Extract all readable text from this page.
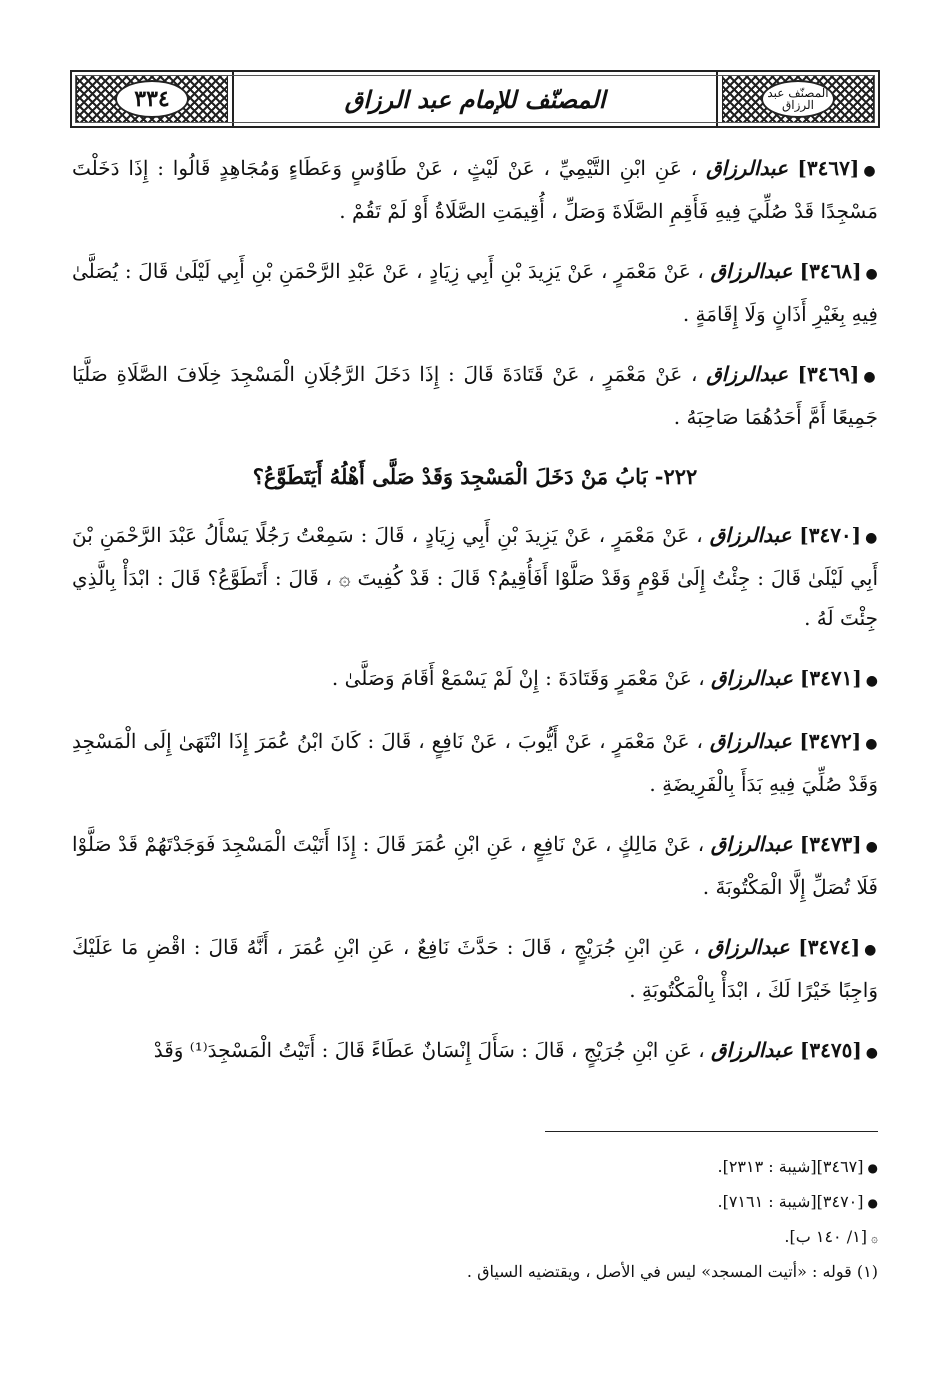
٣٣٤	المصنّف للإمام عبد الرزاق	المصنّف عبد الرزاق

●[٣٤٦٧] عبدالرزاق ، عَنِ ابْنِ التَّيْمِيِّ ، عَنْ لَيْثٍ ، عَنْ طَاوُسٍ وَعَطَاءٍ وَمُجَاهِدٍ قَالُوا : إِذَا دَخَلْتَ مَسْجِدًا قَدْ صُلِّيَ فِيهِ فَأَقِمِ الصَّلَاةَ وَصَلِّ ، أُقِيمَتِ الصَّلَاةُ أَوْ لَمْ تَقُمْ .

●[٣٤٦٨] عبدالرزاق ، عَنْ مَعْمَرٍ ، عَنْ يَزِيدَ بْنِ أَبِي زِيَادٍ ، عَنْ عَبْدِ الرَّحْمَنِ بْنِ أَبِي لَيْلَىٰ قَالَ : يُصَلَّىٰ فِيهِ بِغَيْرِ أَذَانٍ وَلَا إِقَامَةٍ .

●[٣٤٦٩] عبدالرزاق ، عَنْ مَعْمَرٍ ، عَنْ قَتَادَةَ قَالَ : إِذَا دَخَلَ الرَّجُلَانِ الْمَسْجِدَ خِلَافَ الصَّلَاةِ صَلَّيَا جَمِيعًا أَمَّ أَحَدُهُمَا صَاحِبَهُ .

٢٢٢- بَابُ مَنْ دَخَلَ الْمَسْجِدَ وَقَدْ صَلَّى أَهْلُهُ أَيَتَطَوَّعُ؟

●[٣٤٧٠] عبدالرزاق ، عَنْ مَعْمَرٍ ، عَنْ يَزِيدَ بْنِ أَبِي زِيَادٍ ، قَالَ : سَمِعْتُ رَجُلًا يَسْأَلُ عَبْدَ الرَّحْمَنِ بْنَ أَبِي لَيْلَىٰ قَالَ : جِئْتُ إِلَىٰ قَوْمٍ وَقَدْ صَلَّوْا أَفَأُقِيمُ؟ قَالَ : قَدْ كُفِيتَ ۞ ، قَالَ : أَتَطَوَّعُ؟ قَالَ : ابْدَأْ بِالَّذِي جِئْتَ لَهُ .

●[٣٤٧١] عبدالرزاق ، عَنْ مَعْمَرٍ وَقَتَادَةَ : إِنْ لَمْ يَسْمَعْ أَقَامَ وَصَلَّىٰ .

●[٣٤٧٢] عبدالرزاق ، عَنْ مَعْمَرٍ ، عَنْ أَيُّوبَ ، عَنْ نَافِعٍ ، قَالَ : كَانَ ابْنُ عُمَرَ إِذَا انْتَهَىٰ إِلَى الْمَسْجِدِ وَقَدْ صُلِّيَ فِيهِ بَدَأَ بِالْفَرِيضَةِ .

●[٣٤٧٣] عبدالرزاق ، عَنْ مَالِكٍ ، عَنْ نَافِعٍ ، عَنِ ابْنِ عُمَرَ قَالَ : إِذَا أَتَيْتَ الْمَسْجِدَ فَوَجَدْتَهُمْ قَدْ صَلَّوْا فَلَا تُصَلِّ إِلَّا الْمَكْتُوبَةَ .

●[٣٤٧٤] عبدالرزاق ، عَنِ ابْنِ جُرَيْجٍ ، قَالَ : حَدَّثَ نَافِعٌ ، عَنِ ابْنِ عُمَرَ ، أَنَّهُ قَالَ : اقْضِ مَا عَلَيْكَ وَاجِبًا خَيْرًا لَكَ ، ابْدَأْ بِالْمَكْتُوبَةِ .

●[٣٤٧٥] عبدالرزاق ، عَنِ ابْنِ جُرَيْجٍ ، قَالَ : سَأَلَ إِنْسَانٌ عَطَاءً قَالَ : أَتَيْتُ الْمَسْجِدَ⁽¹⁾ وَقَدْ

●[٣٤٦٧][شيبة : ٢٣١٣].
●[٣٤٧٠][شيبة : ٧١٦١].
۞[١/ ١٤٠ ب].
(١) قوله : «أتيت المسجد» ليس في الأصل ، ويقتضيه السياق .
